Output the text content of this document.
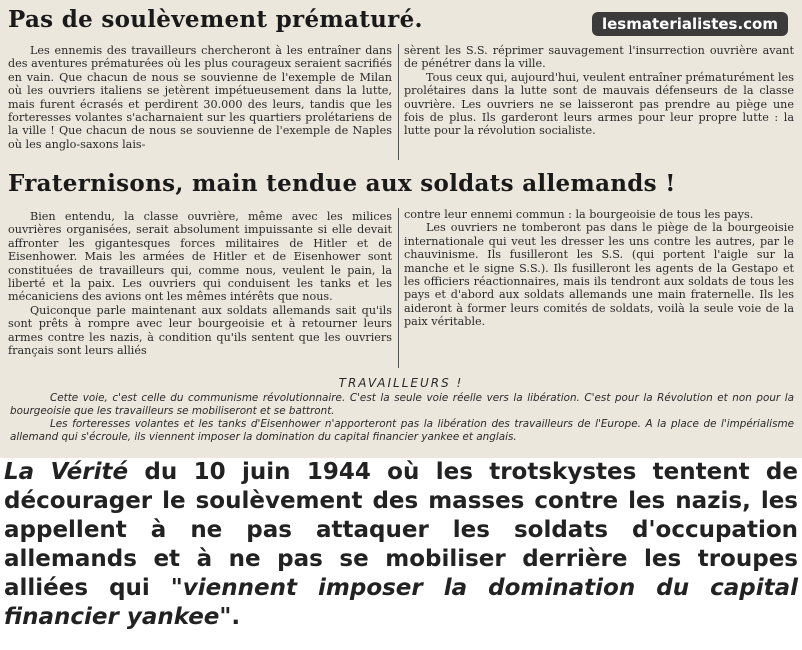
Pas de soulèvement prématuré.	lesmaterialistes.com

Les ennemis des travailleurs chercheront à les entraîner dans des aventures prématurées où les plus courageux seraient sacrifiés en vain. Que chacun de nous se souvienne de l'exemple de Milan où les ouvriers italiens se jetèrent impétueusement dans la lutte, mais furent écrasés et perdirent 30.000 des leurs, tandis que les forteresses volantes s'acharnaient sur les quartiers prolétariens de la ville ! Que chacun de nous se souvienne de l'exemple de Naples où les anglo-saxons lais-

sèrent les S.S. réprimer sauvagement l'insurrection ouvrière avant de pénétrer dans la ville.

Tous ceux qui, aujourd'hui, veulent entraîner prématurément les prolétaires dans la lutte sont de mauvais défenseurs de la classe ouvrière. Les ouvriers ne se laisseront pas prendre au piège une fois de plus. Ils garderont leurs armes pour leur propre lutte : la lutte pour la révolution socialiste.

Fraternisons, main tendue aux soldats allemands !

Bien entendu, la classe ouvrière, même avec les milices ouvrières organisées, serait absolument impuissante si elle devait affronter les gigantesques forces militaires de Hitler et de Eisenhower. Mais les armées de Hitler et de Eisenhower sont constituées de travailleurs qui, comme nous, veulent le pain, la liberté et la paix. Les ouvriers qui conduisent les tanks et les mécaniciens des avions ont les mêmes intérêts que nous.

Quiconque parle maintenant aux soldats allemands sait qu'ils sont prêts à rompre avec leur bourgeoisie et à retourner leurs armes contre les nazis, à condition qu'ils sentent que les ouvriers français sont leurs alliés

contre leur ennemi commun : la bourgeoisie de tous les pays.

Les ouvriers ne tomberont pas dans le piège de la bourgeoisie internationale qui veut les dresser les uns contre les autres, par le chauvinisme. Ils fusilleront les S.S. (qui portent l'aigle sur la manche et le signe S.S.). Ils fusilleront les agents de la Gestapo et les officiers réactionnaires, mais ils tendront aux soldats de tous les pays et d'abord aux soldats allemands une main fraternelle. Ils les aideront à former leurs comités de soldats, voilà la seule voie de la paix véritable.

TRAVAILLEURS !

Cette voie, c'est celle du communisme révolutionnaire. C'est la seule voie réelle vers la libération. C'est pour la Révolution et non pour la bourgeoisie que les travailleurs se mobiliseront et se battront.

Les forteresses volantes et les tanks d'Eisenhower n'apporteront pas la libération des travailleurs de l'Europe. A la place de l'impérialisme allemand qui s'écroule, ils viennent imposer la domination du capital financier yankee et anglais.

La Vérité du 10 juin 1944 où les trotskystes tentent de décourager le soulèvement des masses contre les nazis, les appellent à ne pas attaquer les soldats d'occupation allemands et à ne pas se mobiliser derrière les troupes alliées qui "viennent imposer la domination du capital financier yankee".
